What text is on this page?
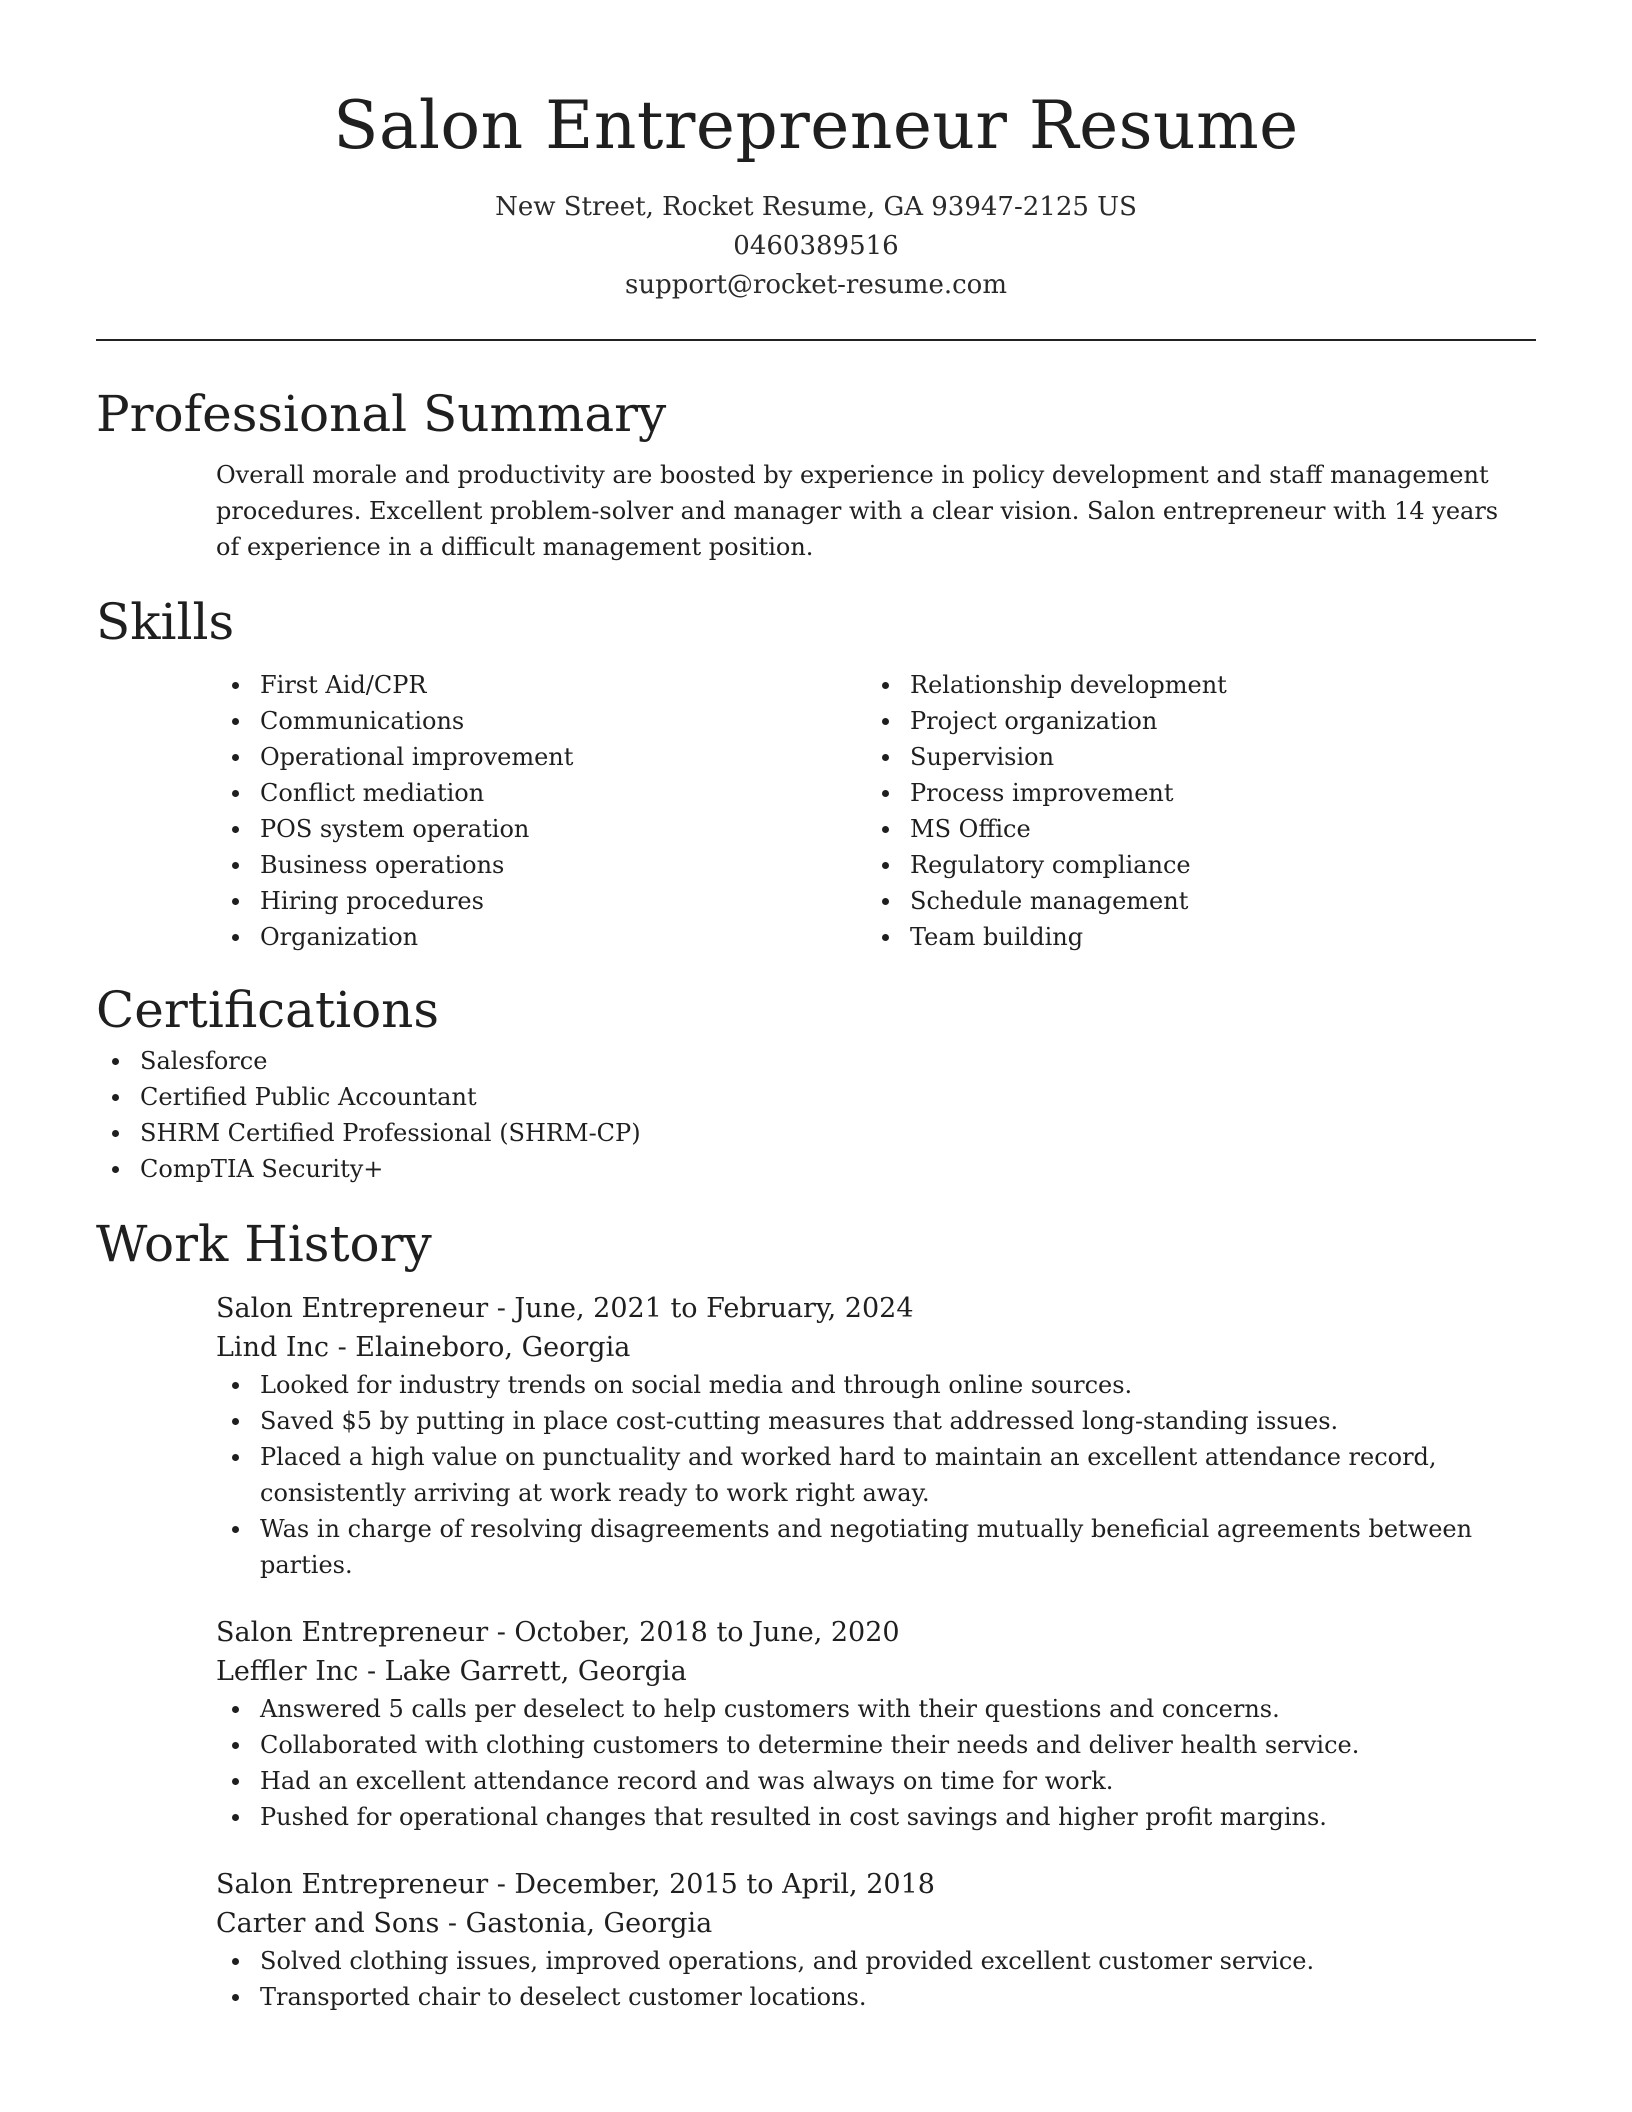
Salon Entrepreneur Resume
New Street, Rocket Resume, GA 93947-2125 US
0460389516
support@rocket-resume.com
Professional Summary

Overall morale and productivity are boosted by experience in policy development and staff management procedures. Excellent problem-solver and manager with a clear vision. Salon entrepreneur with 14 years of experience in a difficult management position.

Skills
First Aid/CPR
Communications
Operational improvement
Conflict mediation
POS system operation
Business operations
Hiring procedures
Organization
Relationship development
Project organization
Supervision
Process improvement
MS Office
Regulatory compliance
Schedule management
Team building
Certifications
Salesforce
Certified Public Accountant
SHRM Certified Professional (SHRM-CP)
CompTIA Security+
Work History
Salon Entrepreneur - June, 2021 to February, 2024
Lind Inc - Elaineboro, Georgia
Looked for industry trends on social media and through online sources.
Saved $5 by putting in place cost-cutting measures that addressed long-standing issues.
Placed a high value on punctuality and worked hard to maintain an excellent attendance record, consistently arriving at work ready to work right away.
Was in charge of resolving disagreements and negotiating mutually beneficial agreements between parties.
Salon Entrepreneur - October, 2018 to June, 2020
Leffler Inc - Lake Garrett, Georgia
Answered 5 calls per deselect to help customers with their questions and concerns.
Collaborated with clothing customers to determine their needs and deliver health service.
Had an excellent attendance record and was always on time for work.
Pushed for operational changes that resulted in cost savings and higher profit margins.
Salon Entrepreneur - December, 2015 to April, 2018
Carter and Sons - Gastonia, Georgia
Solved clothing issues, improved operations, and provided excellent customer service.
Transported chair to deselect customer locations.
